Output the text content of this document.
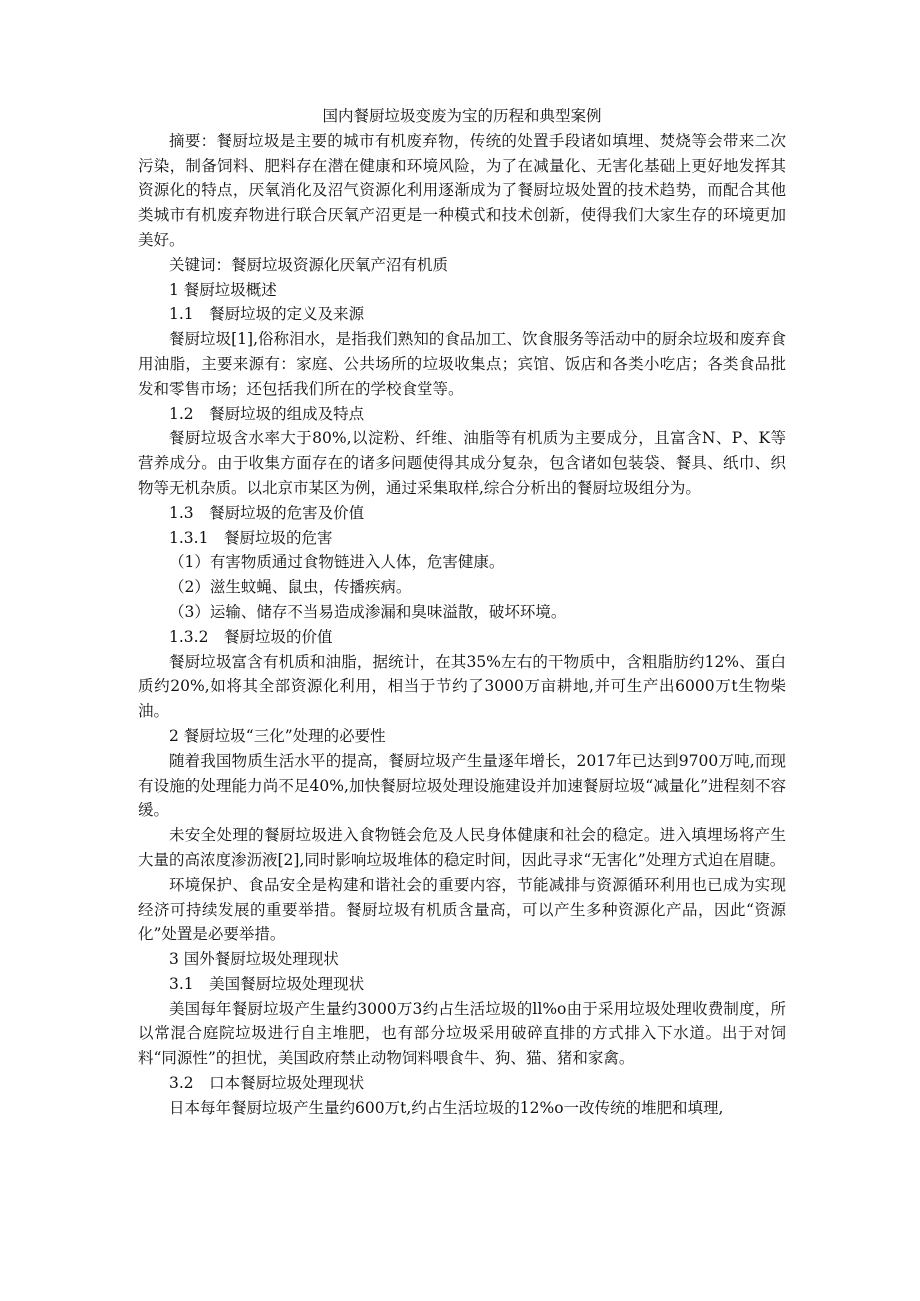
国内餐厨垃圾变废为宝的历程和典型案例

摘要：餐厨垃圾是主要的城市有机废弃物，传统的处置手段诸如填埋、焚烧等会带来二次污染，制备饲料、肥料存在潜在健康和环境风险，为了在减量化、无害化基础上更好地发挥其资源化的特点，厌氧消化及沼气资源化利用逐渐成为了餐厨垃圾处置的技术趋势，而配合其他类城市有机废弃物进行联合厌氧产沼更是一种模式和技术创新，使得我们大家生存的环境更加美好。

关键词：餐厨垃圾资源化厌氧产沼有机质

1 餐厨垃圾概述

1.1　餐厨垃圾的定义及来源

餐厨垃圾[1],俗称泪水，是指我们熟知的食品加工、饮食服务等活动中的厨余垃圾和废弃食用油脂，主要来源有：家庭、公共场所的垃圾收集点；宾馆、饭店和各类小吃店；各类食品批发和零售市场；还包括我们所在的学校食堂等。

1.2　餐厨垃圾的组成及特点

餐厨垃圾含水率大于80%,以淀粉、纤维、油脂等有机质为主要成分，且富含N、P、K等营养成分。由于收集方面存在的诸多问题使得其成分复杂，包含诸如包装袋、餐具、纸巾、织物等无机杂质。以北京市某区为例，通过采集取样,综合分析出的餐厨垃圾组分为。

1.3　餐厨垃圾的危害及价值

1.3.1　餐厨垃圾的危害

（1）有害物质通过食物链进入人体，危害健康。

（2）滋生蚊蝇、鼠虫，传播疾病。

（3）运输、储存不当易造成渗漏和臭味溢散，破坏环境。

1.3.2　餐厨垃圾的价值

餐厨垃圾富含有机质和油脂，据统计，在其35%左右的干物质中，含粗脂肪约12%、蛋白质约20%,如将其全部资源化利用，相当于节约了3000万亩耕地,并可生产出6000万t生物柴油。

2 餐厨垃圾“三化”处理的必要性

随着我国物质生活水平的提高，餐厨垃圾产生量逐年增长，2017年已达到9700万吨,而现有设施的处理能力尚不足40%,加快餐厨垃圾处理设施建设并加速餐厨垃圾“减量化”进程刻不容缓。

未安全处理的餐厨垃圾进入食物链会危及人民身体健康和社会的稳定。进入填埋场将产生大量的高浓度渗沥液[2],同时影响垃圾堆体的稳定时间，因此寻求“无害化”处理方式迫在眉睫。

环境保护、食品安全是构建和谐社会的重要内容，节能减排与资源循环利用也已成为实现经济可持续发展的重要举措。餐厨垃圾有机质含量高，可以产生多种资源化产品，因此“资源化”处置是必要举措。

3 国外餐厨垃圾处理现状

3.1　美国餐厨垃圾处理现状

美国每年餐厨垃圾产生量约3000万3约占生活垃圾的ll%o由于采用垃圾处理收费制度，所以常混合庭院垃圾进行自主堆肥，也有部分垃圾采用破碎直排的方式排入下水道。出于对饲料“同源性”的担忧，美国政府禁止动物饲料喂食牛、狗、猫、猪和家禽。

3.2　口本餐厨垃圾处理现状

日本每年餐厨垃圾产生量约600万t,约占生活垃圾的12%o一改传统的堆肥和填理,
